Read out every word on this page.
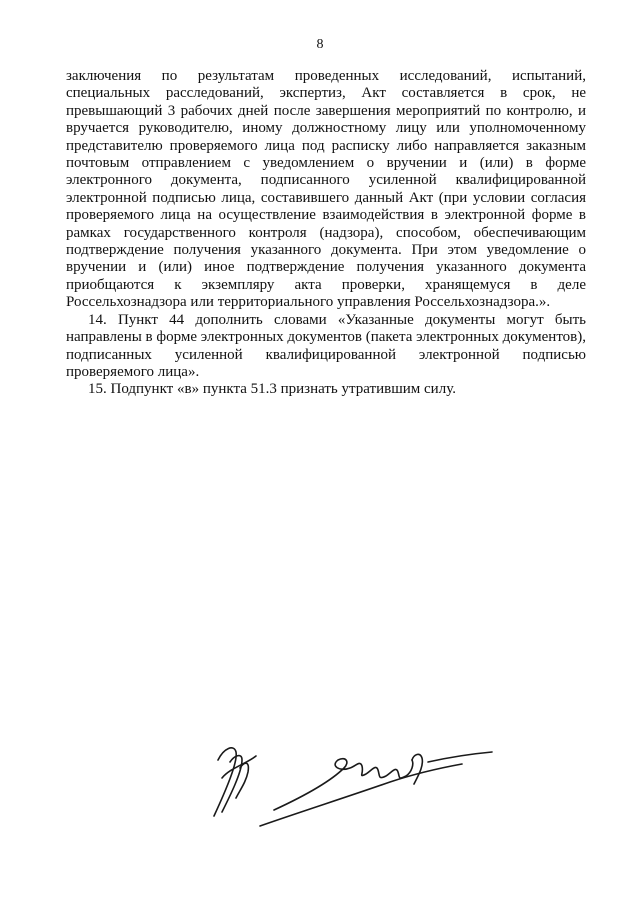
8

заключения по результатам проведенных исследований, испытаний, специальных расследований, экспертиз, Акт составляется в срок, не превышающий 3 рабочих дней после завершения мероприятий по контролю, и вручается руководителю, иному должностному лицу или уполномоченному представителю проверяемого лица под расписку либо направляется заказным почтовым отправлением с уведомлением о вручении и (или) в форме электронного документа, подписанного усиленной квалифицированной электронной подписью лица, составившего данный Акт (при условии согласия проверяемого лица на осуществление взаимодействия в электронной форме в рамках государственного контроля (надзора), способом, обеспечивающим подтверждение получения указанного документа. При этом уведомление о вручении и (или) иное подтверждение получения указанного документа приобщаются к экземпляру акта проверки, хранящемуся в деле Россельхознадзора или территориального управления Россельхознадзора.».

14. Пункт 44 дополнить словами «Указанные документы могут быть направлены в форме электронных документов (пакета электронных документов), подписанных усиленной квалифицированной электронной подписью проверяемого лица».

15. Подпункт «в» пункта 51.3 признать утратившим силу.
